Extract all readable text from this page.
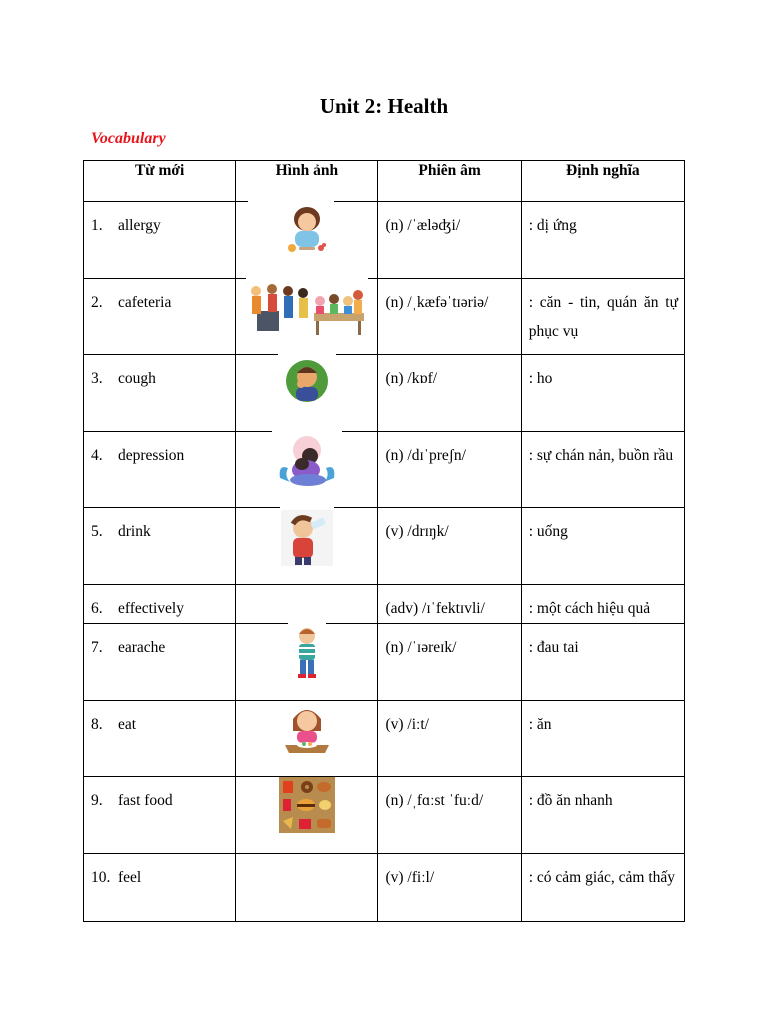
Unit 2: Health
Vocabulary
Từ mới	Hình ảnh	Phiên âm	Định nghĩa

1. allergy		(n) /ˈæləʤi/	: dị ứng

2. cafeteria		(n) /ˌkæfəˈtɪəriə/	: căn - tin, quán ăn tự phục vụ

3. cough		(n) /kɒf/	: ho

4. depression		(n) /dɪˈpreʃn/	: sự chán nản, buồn rầu

5. drink		(v) /drɪŋk/	: uống

6. effectively		(adv) /ɪˈfektɪvli/	: một cách hiệu quả

7. earache		(n) /ˈɪəreɪk/	: đau tai

8. eat		(v) /iːt/	: ăn

9. fast food		(n) /ˌfɑːst ˈfuːd/	: đồ ăn nhanh

10. feel		(v) /fiːl/	: có cảm giác, cảm thấy
